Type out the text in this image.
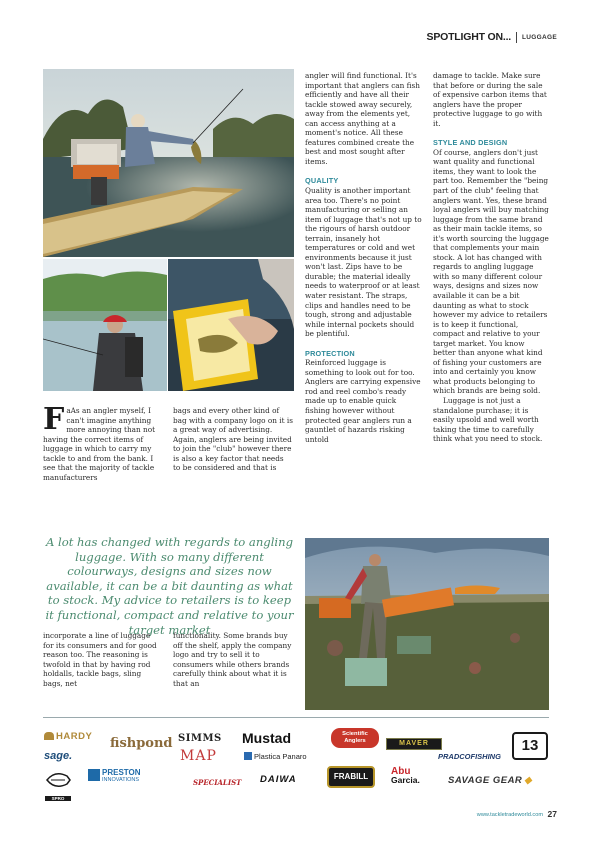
SPOTLIGHT ON... LUGGAGE

angler will find functional. It's important that anglers can fish efficiently and have all their tackle stowed away securely, away from the elements yet, can access anything at a moment's notice. All these features combined create the best and most sought after items.

QUALITY

Quality is another important area too. There's no point manufacturing or selling an item of luggage that's not up to the rigours of harsh outdoor terrain, insanely hot temperatures or cold and wet environments because it just won't last. Zips have to be durable; the material ideally needs to waterproof or at least water resistant. The straps, clips and handles need to be tough, strong and adjustable while internal pockets should be plentiful.

PROTECTION

Reinforced luggage is something to look out for too. Anglers are carrying expensive rod and reel combo's ready made up to enable quick fishing however without protected gear anglers run a gauntlet of hazards risking untold

damage to tackle. Make sure that before or during the sale of expensive carbon items that anglers have the proper protective luggage to go with it.

STYLE AND DESIGN

Of course, anglers don't just want quality and functional items, they want to look the part too. Remember the "being part of the club" feeling that anglers want. Yes, these brand loyal anglers will buy matching luggage from the same brand as their main tackle items, so it's worth sourcing the luggage that complements your main stock. A lot has changed with regards to angling luggage with so many different colour ways, designs and sizes now available it can be a bit daunting as what to stock however my advice to retailers is to keep it functional, compact and relative to your target market. You know better than anyone what kind of fishing your customers are into and certainly you know what products belonging to which brands are being sold.

Luggage is not just a standalone purchase; it is easily upsold and well worth taking the time to carefully think what you need to stock.

F aAs an angler myself, I can't imagine anything more annoying than not having the correct items of luggage in which to carry my tackle to and from the bank. I see that the majority of tackle manufacturers

bags and every other kind of bag with a company logo on it is a great way of advertising. Again, anglers are being invited to join the "club" however there is also a key factor that needs to be considered and that is

A lot has changed with regards to angling luggage. With so many different colourways, designs and sizes now available, it can be a bit daunting as what to stock. My advice to retailers is to keep it functional, compact and relative to your target market

incorporate a line of luggage for its consumers and for good reason too. The reasoning is twofold in that by having rod holdalls, tackle bags, sling bags, net

functionality. Some brands buy off the shelf, apply the company logo and try to sell it to consumers while others brands carefully think about what it is that an

HARDY
sage.
fishpond SIMMS
MAP
Mustad
Plastica Panaro
Scientific
Anglers	MAVER
PRADCOFISHING
13
SPRO
PRESTON
INNOVATIONS	SPECIALIST DAIWA	FRABILL	Abu
Garcia.	SAVAGE GEAR ◆
www.tackletradeworld.com 27
